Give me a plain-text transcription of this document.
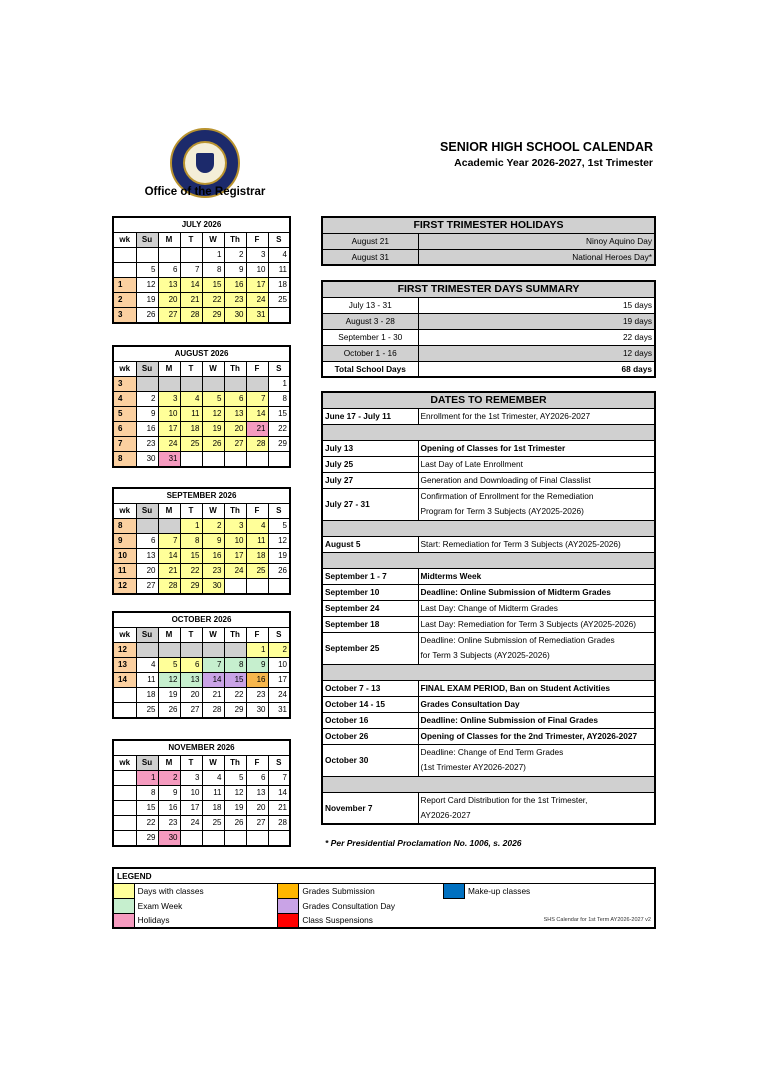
Office of the Registrar
SENIOR HIGH SCHOOL CALENDAR
Academic Year 2026-2027, 1st Trimester
JULY 2026							
wk	Su	M	T	W	Th	F	S
				1	2	3	4
	5	6	7	8	9	10	11
1	12	13	14	15	16	17	18
2	19	20	21	22	23	24	25
3	26	27	28	29	30	31	
AUGUST 2026							
wk	Su	M	T	W	Th	F	S
3							1
4	2	3	4	5	6	7	8
5	9	10	11	12	13	14	15
6	16	17	18	19	20	21	22
7	23	24	25	26	27	28	29
8	30	31					
SEPTEMBER 2026							
wk	Su	M	T	W	Th	F	S
8			1	2	3	4	5
9	6	7	8	9	10	11	12
10	13	14	15	16	17	18	19
11	20	21	22	23	24	25	26
12	27	28	29	30			
OCTOBER 2026							
wk	Su	M	T	W	Th	F	S
12						1	2
13	4	5	6	7	8	9	10
14	11	12	13	14	15	16	17
	18	19	20	21	22	23	24
	25	26	27	28	29	30	31
NOVEMBER 2026							
wk	Su	M	T	W	Th	F	S
	1	2	3	4	5	6	7
	8	9	10	11	12	13	14
	15	16	17	18	19	20	21
	22	23	24	25	26	27	28
	29	30					
FIRST TRIMESTER HOLIDAYS	
August 21	Ninoy Aquino Day
August 31	National Heroes Day*
FIRST TRIMESTER DAYS SUMMARY	
July 13 - 31	15 days
August 3 - 28	19 days
September 1 - 30	22 days
October 1 - 16	12 days
Total School Days	68 days
DATES TO REMEMBER	
June 17 - July 11	Enrollment for the 1st Trimester, AY2026-2027

July 13	Opening of Classes for 1st Trimester
July 25	Last Day of Late Enrollment
July 27	Generation and Downloading of Final Classlist
July 27 - 31	Confirmation of Enrollment for the Remediation
Program for Term 3 Subjects (AY2025-2026)

August 5	Start: Remediation for Term 3 Subjects (AY2025-2026)

September 1 - 7	Midterms Week
September 10	Deadline: Online Submission of Midterm Grades
September 24	Last Day: Change of Midterm Grades
September 18	Last Day: Remediation for Term 3 Subjects (AY2025-2026)
September 25	Deadline: Online Submission of Remediation Grades
for Term 3 Subjects (AY2025-2026)

October 7 - 13	FINAL EXAM PERIOD, Ban on Student Activities
October 14 - 15	Grades Consultation Day
October 16	Deadline: Online Submission of Final Grades
October 26	Opening of Classes for the 2nd Trimester, AY2026-2027
October 30	Deadline: Change of End Term Grades
(1st Trimester AY2026-2027)

November 7	Report Card Distribution for the 1st Trimester,
AY2026-2027
* Per Presidential Proclamation No. 1006, s. 2026
LEGEND					
	Days with classes		Grades Submission		Make-up classes
	Exam Week		Grades Consultation Day		
	Holidays		Class Suspensions	SHS Calendar for 1st Term AY2026-2027 v2	
